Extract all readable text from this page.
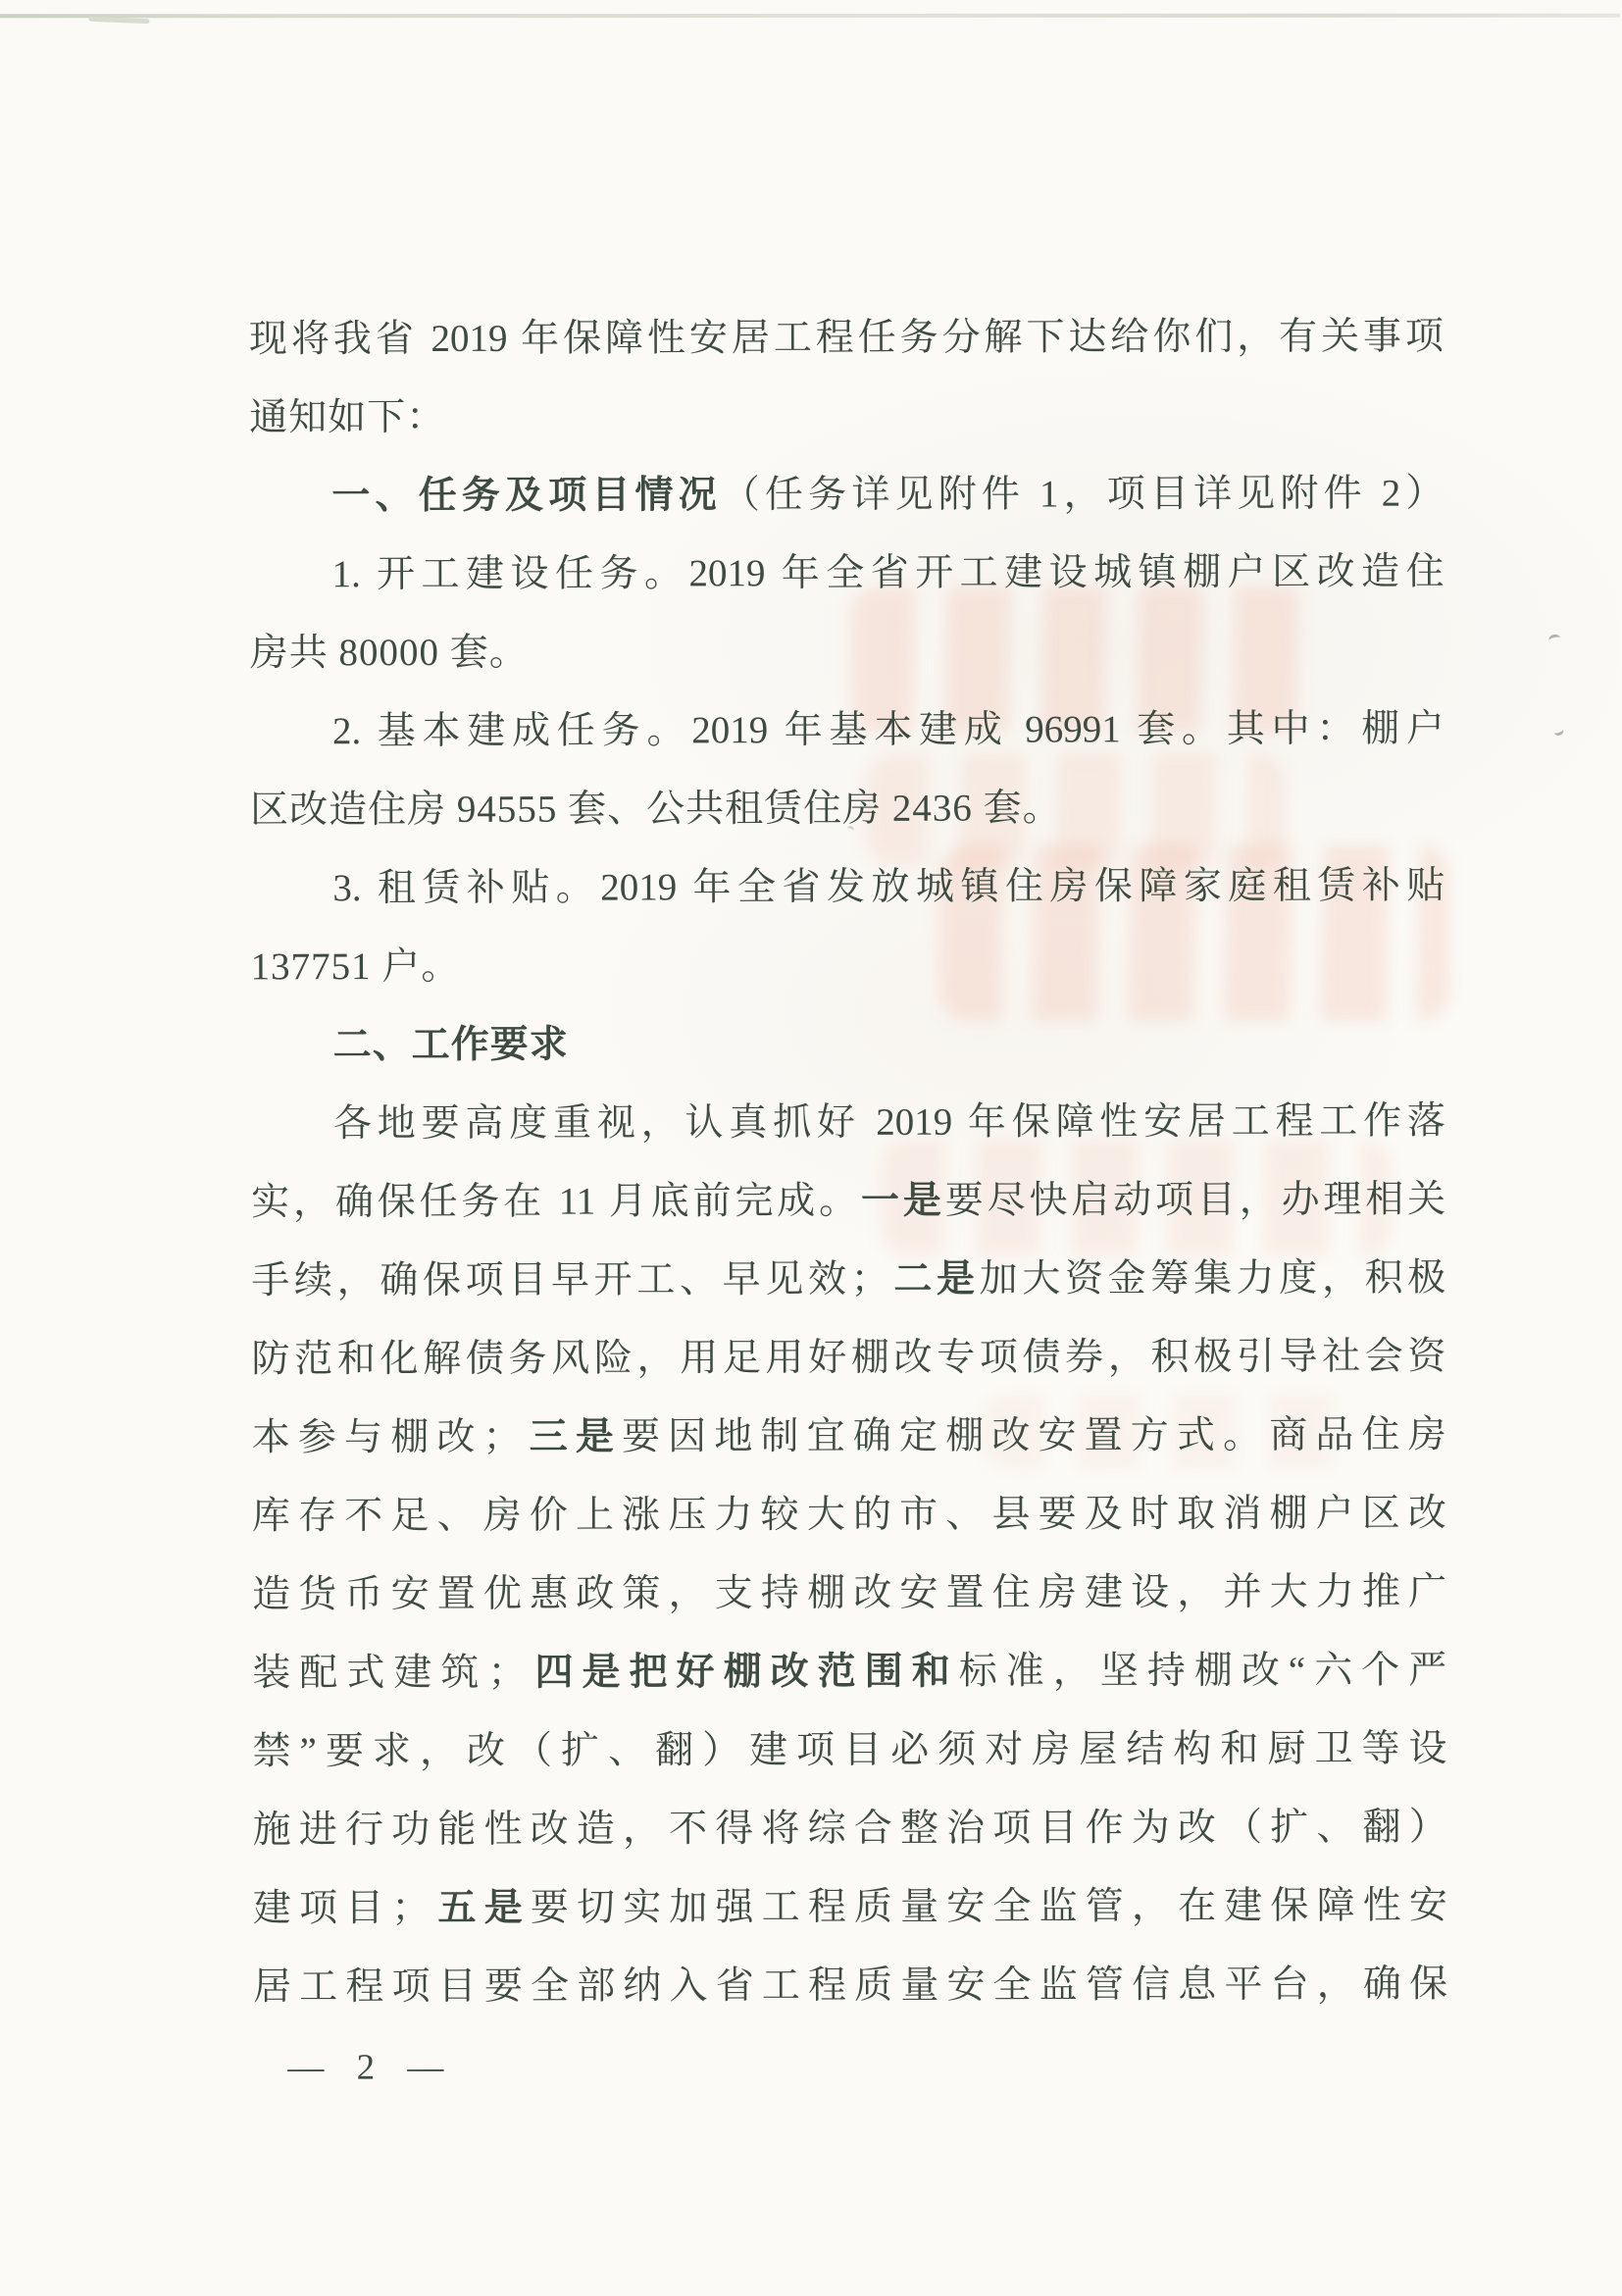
现将我省 2019 年保障性安居工程任务分解下达给你们，有关事项
通知如下：
一、任务及项目情况（任务详见附件 1，项目详见附件 2）
1. 开工建设任务。2019 年全省开工建设城镇棚户区改造住
房共 80000 套。
2. 基本建成任务。2019 年基本建成 96991 套。其中：棚户
区改造住房 94555 套、公共租赁住房 2436 套。
3. 租赁补贴。2019 年全省发放城镇住房保障家庭租赁补贴
137751 户。
二、工作要求
各地要高度重视，认真抓好 2019 年保障性安居工程工作落
实，确保任务在 11 月底前完成。一是要尽快启动项目，办理相关
手续，确保项目早开工、早见效；二是加大资金筹集力度，积极
防范和化解债务风险，用足用好棚改专项债券，积极引导社会资
本参与棚改；三是要因地制宜确定棚改安置方式。商品住房
库存不足、房价上涨压力较大的市、县要及时取消棚户区改
造货币安置优惠政策，支持棚改安置住房建设，并大力推广
装配式建筑；四是把好棚改范围和标准，坚持棚改“六个严
禁”要求，改（扩、翻）建项目必须对房屋结构和厨卫等设
施进行功能性改造，不得将综合整治项目作为改（扩、翻）
建项目；五是要切实加强工程质量安全监管，在建保障性安
居工程项目要全部纳入省工程质量安全监管信息平台，确保
— 2 —
